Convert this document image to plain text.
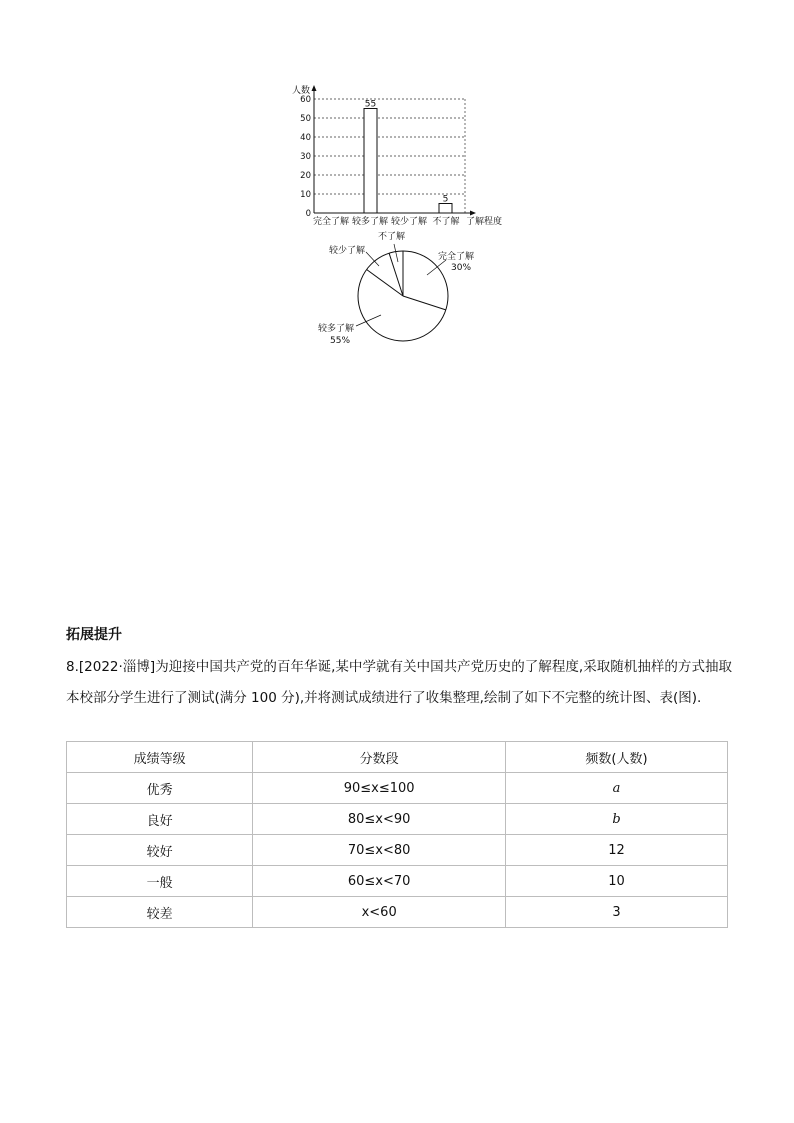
0
10
20
30
40
50
60
人数
55
5
完全了解 较多了解 较少了解 不了解 了解程度
完全了解
30%
较少了解
不了解
较多了解
55%
拓展提升

8.[2022·淄博]为迎接中国共产党的百年华诞,某中学就有关中国共产党历史的了解程度,采取随机抽样的方式抽取本校部分学生进行了测试(满分 100 分),并将测试成绩进行了收集整理,绘制了如下不完整的统计图、表(图).

成绩等级	分数段	频数(人数)
优秀	90≤x≤100	a
良好	80≤x<90	b
较好	70≤x<80	12
一般	60≤x<70	10
较差	x<60	3
